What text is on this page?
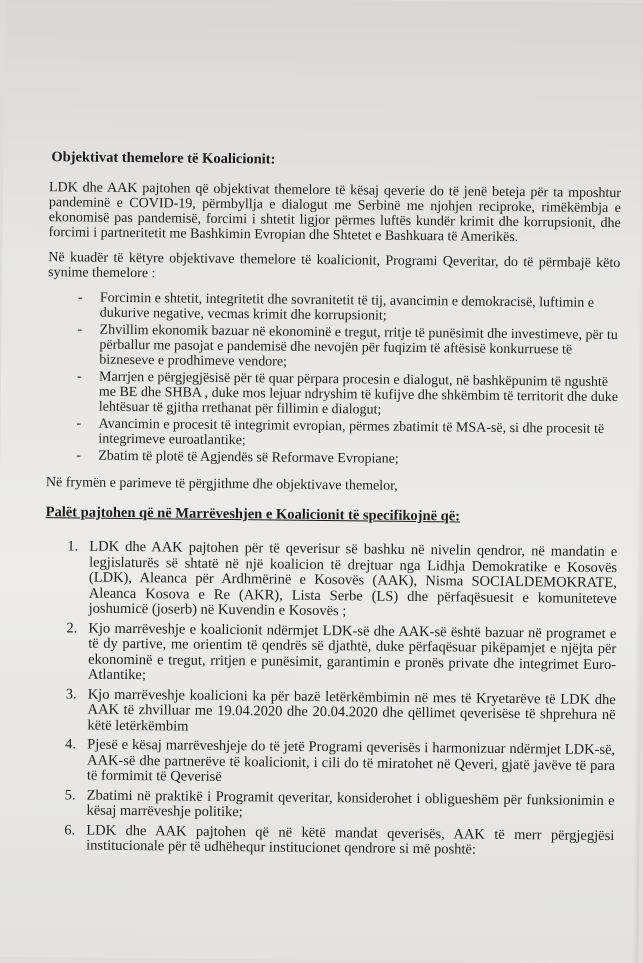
Objektivat themelore të Koalicionit:

LDK dhe AAK pajtohen që objektivat themelore të kësaj qeverie do të jenë beteja për ta mposhtur pandeminë e COVID-19, përmbyllja e dialogut me Serbinë me njohjen reciproke, rimëkëmbja e ekonomisë pas pandemisë, forcimi i shtetit ligjor përmes luftës kundër krimit dhe korrupsionit, dhe forcimi i partneritetit me Bashkimin Evropian dhe Shtetet e Bashkuara të Amerikës.

Në kuadër të këtyre objektivave themelore të koalicionit, Programi Qeveritar, do të përmbajë këto synime themelore :

- Forcimin e shtetit, integritetit dhe sovranitetit të tij, avancimin e demokracisë, luftimin e dukurive negative, vecmas krimit dhe korrupsionit;
- Zhvillim ekonomik bazuar në ekonominë e tregut, rritje të punësimit dhe investimeve, për tu përballur me pasojat e pandemisë dhe nevojën për fuqizim të aftësisë konkurruese të bizneseve e prodhimeve vendore;
- Marrjen e përgjegjësisë për të quar përpara procesin e dialogut, në bashkëpunim të ngushtë me BE dhe SHBA , duke mos lejuar ndryshim të kufijve dhe shkëmbim të territorit dhe duke lehtësuar të gjitha rrethanat për fillimin e dialogut;
- Avancimin e procesit të integrimit evropian, përmes zbatimit të MSA-së, si dhe procesit të integrimeve euroatlantike;
- Zbatim të plotë të Agjendës së Reformave Evropiane;

Në frymën e parimeve të përgjithme dhe objektivave themelor,

Palët pajtohen që në Marrëveshjen e Koalicionit të specifikojnë që:
1. LDK dhe AAK pajtohen për të qeverisur së bashku në nivelin qendror, në mandatin e legjislaturës së shtatë në një koalicion të drejtuar nga Lidhja Demokratike e Kosovës (LDK), Aleanca për Ardhmërinë e Kosovës (AAK), Nisma SOCIALDEMOKRATE, Aleanca Kosova e Re (AKR), Lista Serbe (LS) dhe përfaqësuesit e komuniteteve joshumicë (joserb) në Kuvendin e Kosovës ;
2. Kjo marrëveshje e koalicionit ndërmjet LDK-së dhe AAK-së është bazuar në programet e të dy partive, me orientim të qendrës së djathtë, duke përfaqësuar pikëpamjet e njëjta për ekonominë e tregut, rritjen e punësimit, garantimin e pronës private dhe integrimet Euro-Atlantike;
3. Kjo marrëveshje koalicioni ka për bazë letërkëmbimin në mes të Kryetarëve të LDK dhe AAK të zhvilluar me 19.04.2020 dhe 20.04.2020 dhe qëllimet qeverisëse të shprehura në këtë letërkëmbim
4. Pjesë e kësaj marrëveshjeje do të jetë Programi qeverisës i harmonizuar ndërmjet LDK-së, AAK-së dhe partnerëve të koalicionit, i cili do të miratohet në Qeveri, gjatë javëve të para të formimit të Qeverisë
5. Zbatimi në praktikë i Programit qeveritar, konsiderohet i obligueshëm për funksionimin e kësaj marrëveshje politike;
6. LDK dhe AAK pajtohen që në këtë mandat qeverisës, AAK të merr përgjegjësi institucionale për të udhëhequr institucionet qendrore si më poshtë:
